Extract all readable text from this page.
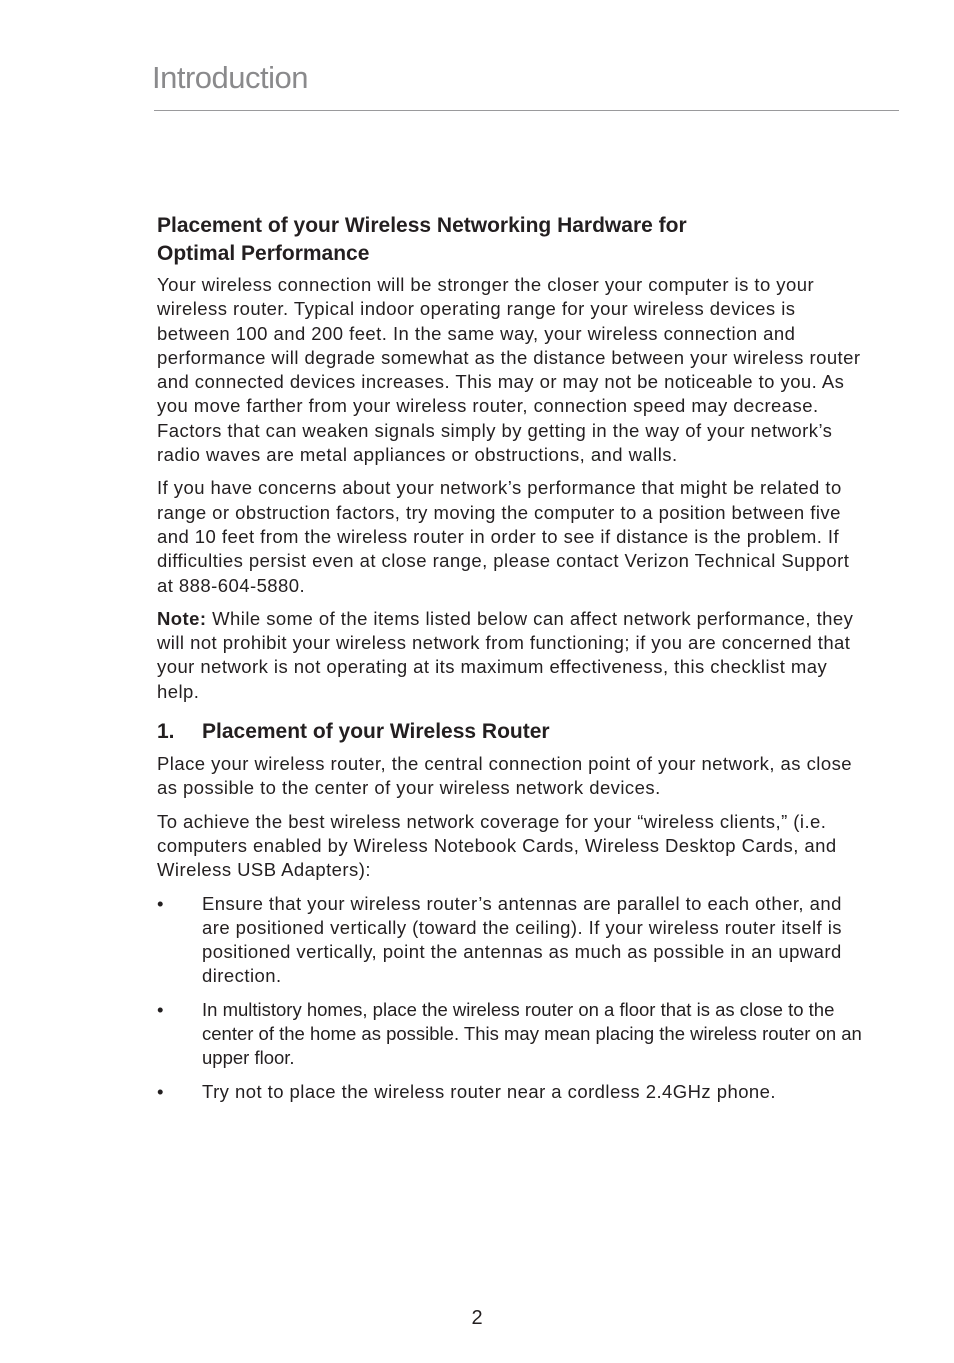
Introduction
Placement of your Wireless Networking Hardware for Optimal Performance

Your wireless connection will be stronger the closer your computer is to your wireless router. Typical indoor operating range for your wireless devices is between 100 and 200 feet. In the same way, your wireless connection and performance will degrade somewhat as the distance between your wireless router and connected devices increases. This may or may not be noticeable to you. As you move farther from your wireless router, connection speed may decrease. Factors that can weaken signals simply by getting in the way of your network’s radio waves are metal appliances or obstructions, and walls.

If you have concerns about your network’s performance that might be related to range or obstruction factors, try moving the computer to a position between five and 10 feet from the wireless router in order to see if distance is the problem. If difficulties persist even at close range, please contact Verizon Technical Support at 888-604-5880.

Note: While some of the items listed below can affect network performance, they will not prohibit your wireless network from functioning; if you are concerned that your network is not operating at its maximum effectiveness, this checklist may help.

1.	Placement of your Wireless Router

Place your wireless router, the central connection point of your network, as close as possible to the center of your wireless network devices.

To achieve the best wireless network coverage for your “wireless clients,” (i.e. computers enabled by Wireless Notebook Cards, Wireless Desktop Cards, and Wireless USB Adapters):

•	Ensure that your wireless router’s antennas are parallel to each other, and are positioned vertically (toward the ceiling). If your wireless router itself is positioned vertically, point the antennas as much as possible in an upward direction.
•	In multistory homes, place the wireless router on a floor that is as close to the center of the home as possible. This may mean placing the wireless router on an upper floor.
•	Try not to place the wireless router near a cordless 2.4GHz phone.
2
